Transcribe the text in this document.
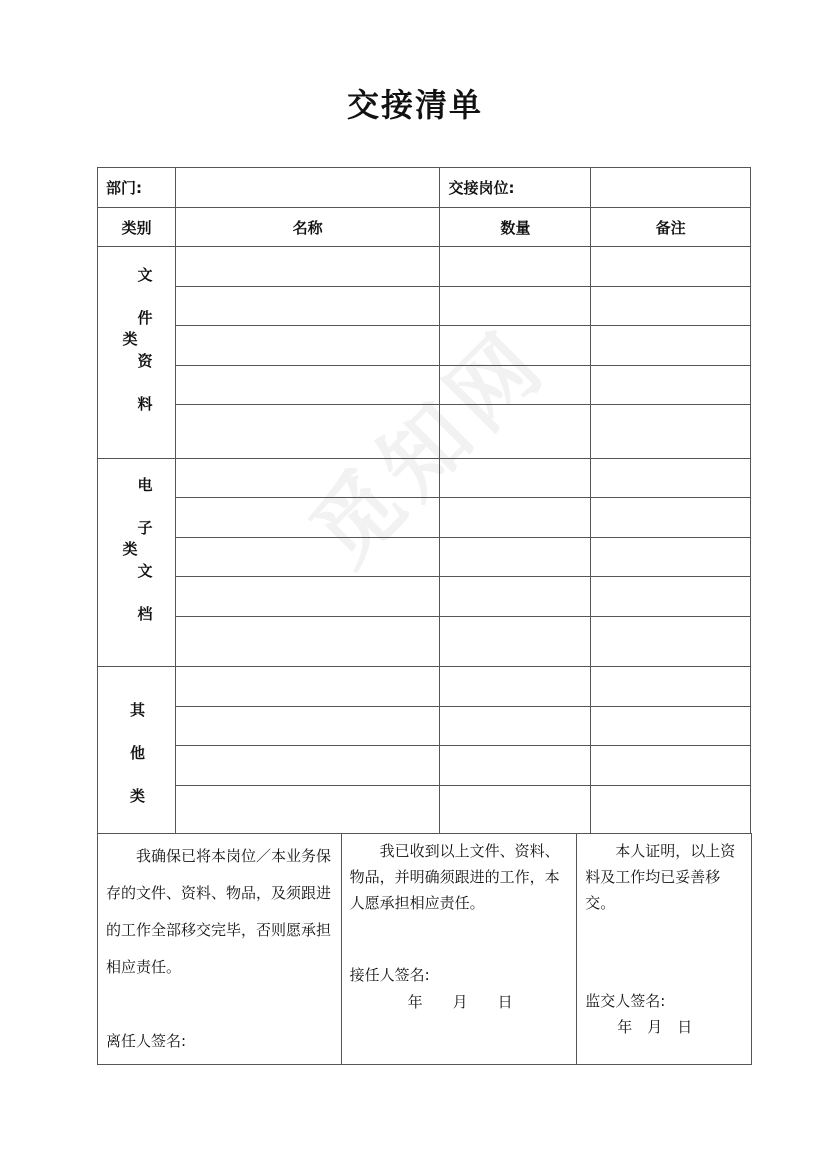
觅知网
交接清单
部门:		交接岗位:	
类别	名称	数量	备注

文件资料类			

电子文档类			

其他类			

我确保已将本岗位／本业务保存的文件、资料、物品，及须跟进的工作全部移交完毕，否则愿承担相应责任。
离任人签名:

我已收到以上文件、资料、物品，并明确须跟进的工作，本人愿承担相应责任。
接任人签名:
年　　月　　日

本人证明，以上资料及工作均已妥善移交。
监交人签名:
年　月　日
